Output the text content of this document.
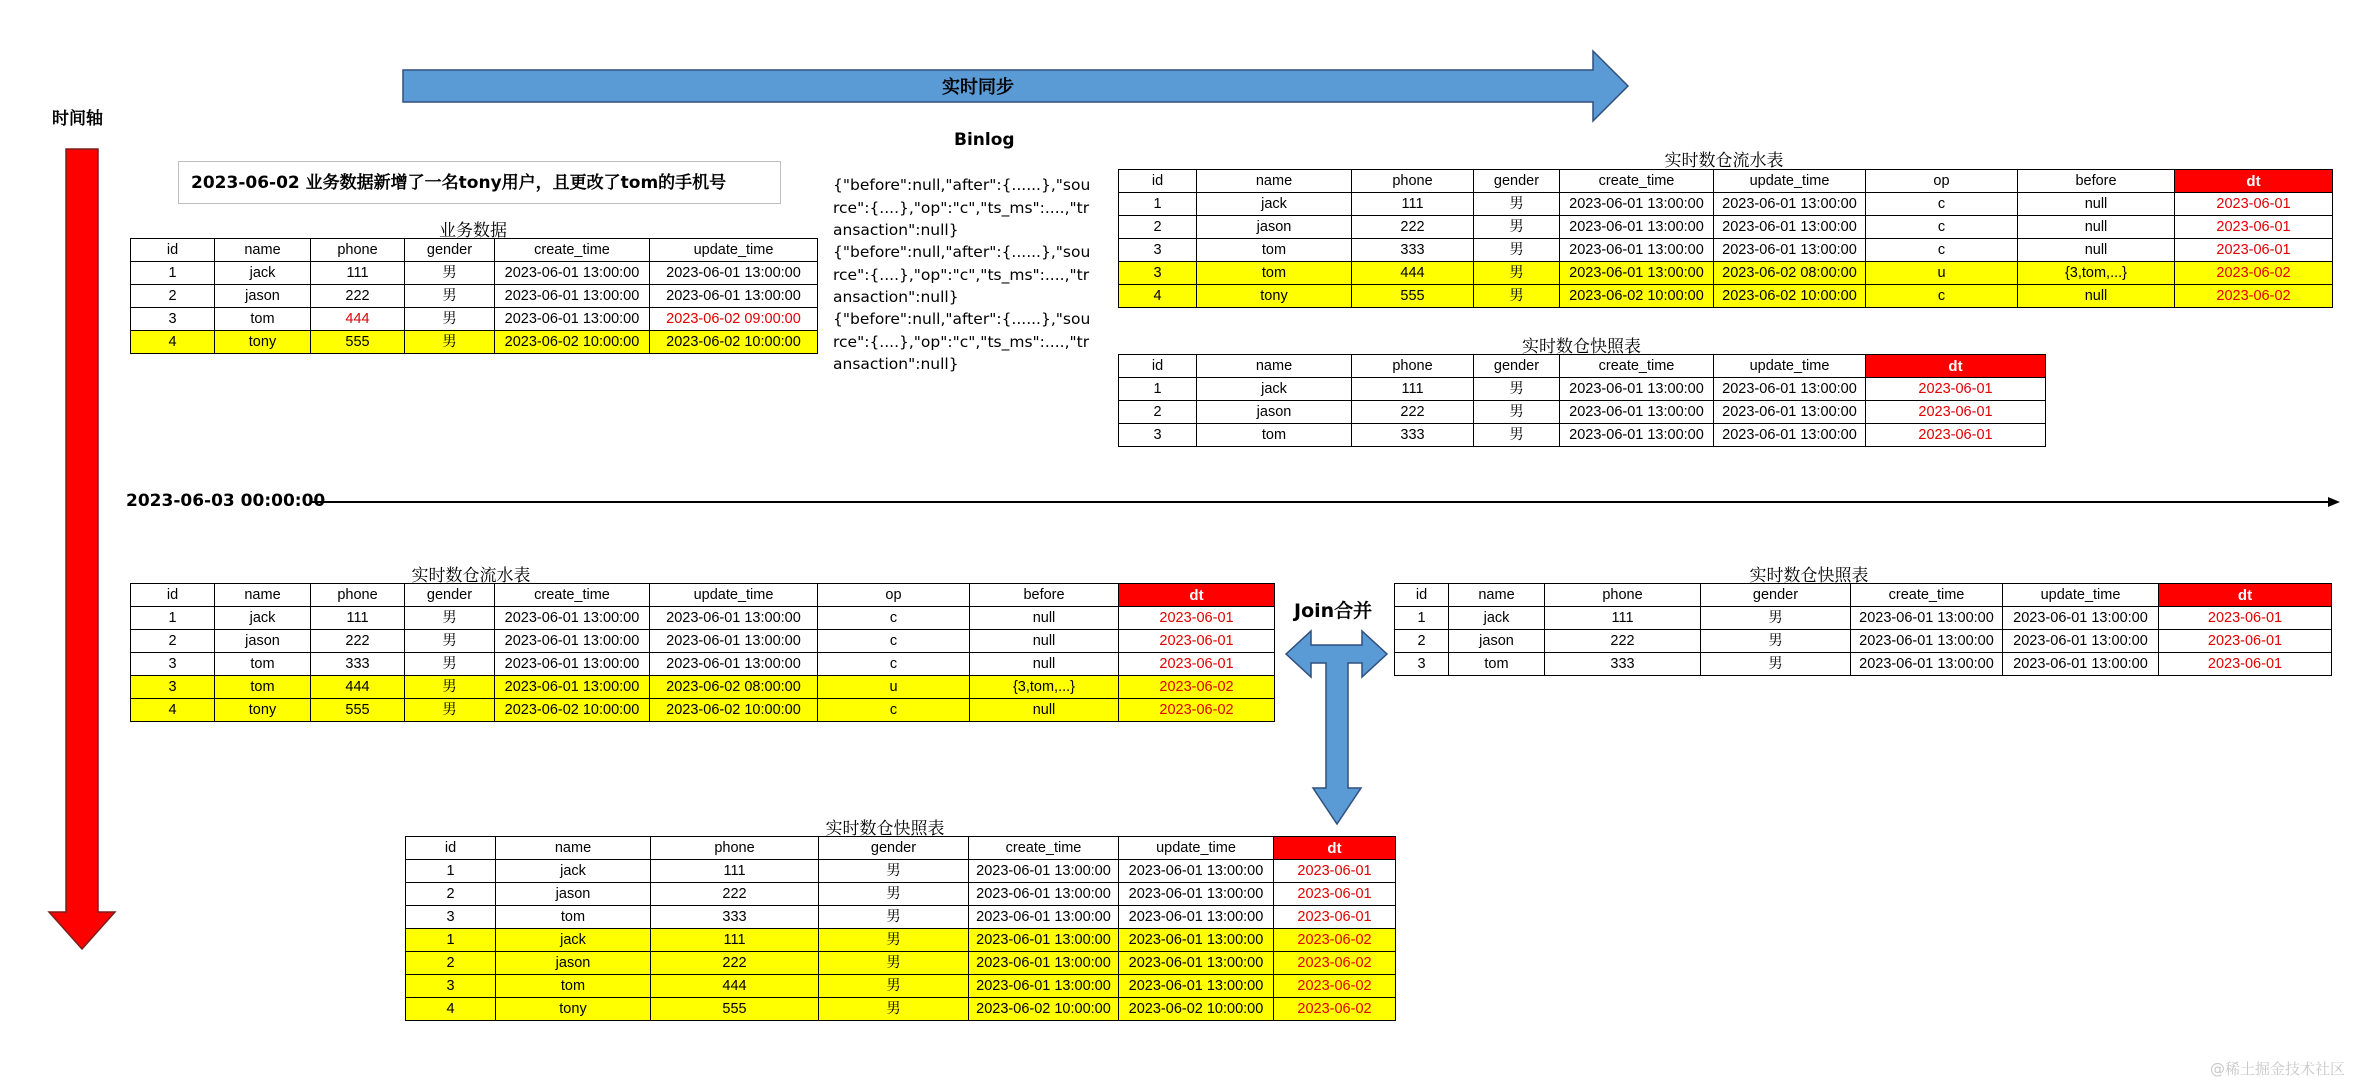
时间轴
实时同步
Binlog
{"before":null,"after":{......},"source":{....},"op":"c","ts_ms":....,"transaction":null}
{"before":null,"after":{......},"source":{....},"op":"c","ts_ms":....,"transaction":null}
{"before":null,"after":{......},"source":{....},"op":"c","ts_ms":....,"transaction":null}
2023-06-02 业务数据新增了一名tony用户，且更改了tom的手机号
业务数据
实时数仓流水表
实时数仓快照表
实时数仓流水表	实时数仓快照表
实时数仓快照表
id	name	phone	gender	create_time	update_time
1	jack	111	男	2023-06-01 13:00:00	2023-06-01 13:00:00
2	jason	222	男	2023-06-01 13:00:00	2023-06-01 13:00:00
3	tom	444	男	2023-06-01 13:00:00	2023-06-02 09:00:00
4	tony	555	男	2023-06-02 10:00:00	2023-06-02 10:00:00
id	name	phone	gender	create_time	update_time	op	before	dt
1	jack	111	男	2023-06-01 13:00:00	2023-06-01 13:00:00	c	null	2023-06-01
2	jason	222	男	2023-06-01 13:00:00	2023-06-01 13:00:00	c	null	2023-06-01
3	tom	333	男	2023-06-01 13:00:00	2023-06-01 13:00:00	c	null	2023-06-01
3	tom	444	男	2023-06-01 13:00:00	2023-06-02 08:00:00	u	{3,tom,...}	2023-06-02
4	tony	555	男	2023-06-02 10:00:00	2023-06-02 10:00:00	c	null	2023-06-02
id	name	phone	gender	create_time	update_time	dt
1	jack	111	男	2023-06-01 13:00:00	2023-06-01 13:00:00	2023-06-01
2	jason	222	男	2023-06-01 13:00:00	2023-06-01 13:00:00	2023-06-01
3	tom	333	男	2023-06-01 13:00:00	2023-06-01 13:00:00	2023-06-01
id	name	phone	gender	create_time	update_time	op	before	dt
1	jack	111	男	2023-06-01 13:00:00	2023-06-01 13:00:00	c	null	2023-06-01
2	jason	222	男	2023-06-01 13:00:00	2023-06-01 13:00:00	c	null	2023-06-01
3	tom	333	男	2023-06-01 13:00:00	2023-06-01 13:00:00	c	null	2023-06-01
3	tom	444	男	2023-06-01 13:00:00	2023-06-02 08:00:00	u	{3,tom,...}	2023-06-02
4	tony	555	男	2023-06-02 10:00:00	2023-06-02 10:00:00	c	null	2023-06-02
id	name	phone	gender	create_time	update_time	dt
1	jack	111	男	2023-06-01 13:00:00	2023-06-01 13:00:00	2023-06-01
2	jason	222	男	2023-06-01 13:00:00	2023-06-01 13:00:00	2023-06-01
3	tom	333	男	2023-06-01 13:00:00	2023-06-01 13:00:00	2023-06-01
id	name	phone	gender	create_time	update_time	dt
1	jack	111	男	2023-06-01 13:00:00	2023-06-01 13:00:00	2023-06-01
2	jason	222	男	2023-06-01 13:00:00	2023-06-01 13:00:00	2023-06-01
3	tom	333	男	2023-06-01 13:00:00	2023-06-01 13:00:00	2023-06-01
1	jack	111	男	2023-06-01 13:00:00	2023-06-01 13:00:00	2023-06-02
2	jason	222	男	2023-06-01 13:00:00	2023-06-01 13:00:00	2023-06-02
3	tom	444	男	2023-06-01 13:00:00	2023-06-01 13:00:00	2023-06-02
4	tony	555	男	2023-06-02 10:00:00	2023-06-02 10:00:00	2023-06-02
2023-06-03 00:00:00
Join合并
@稀土掘金技术社区
